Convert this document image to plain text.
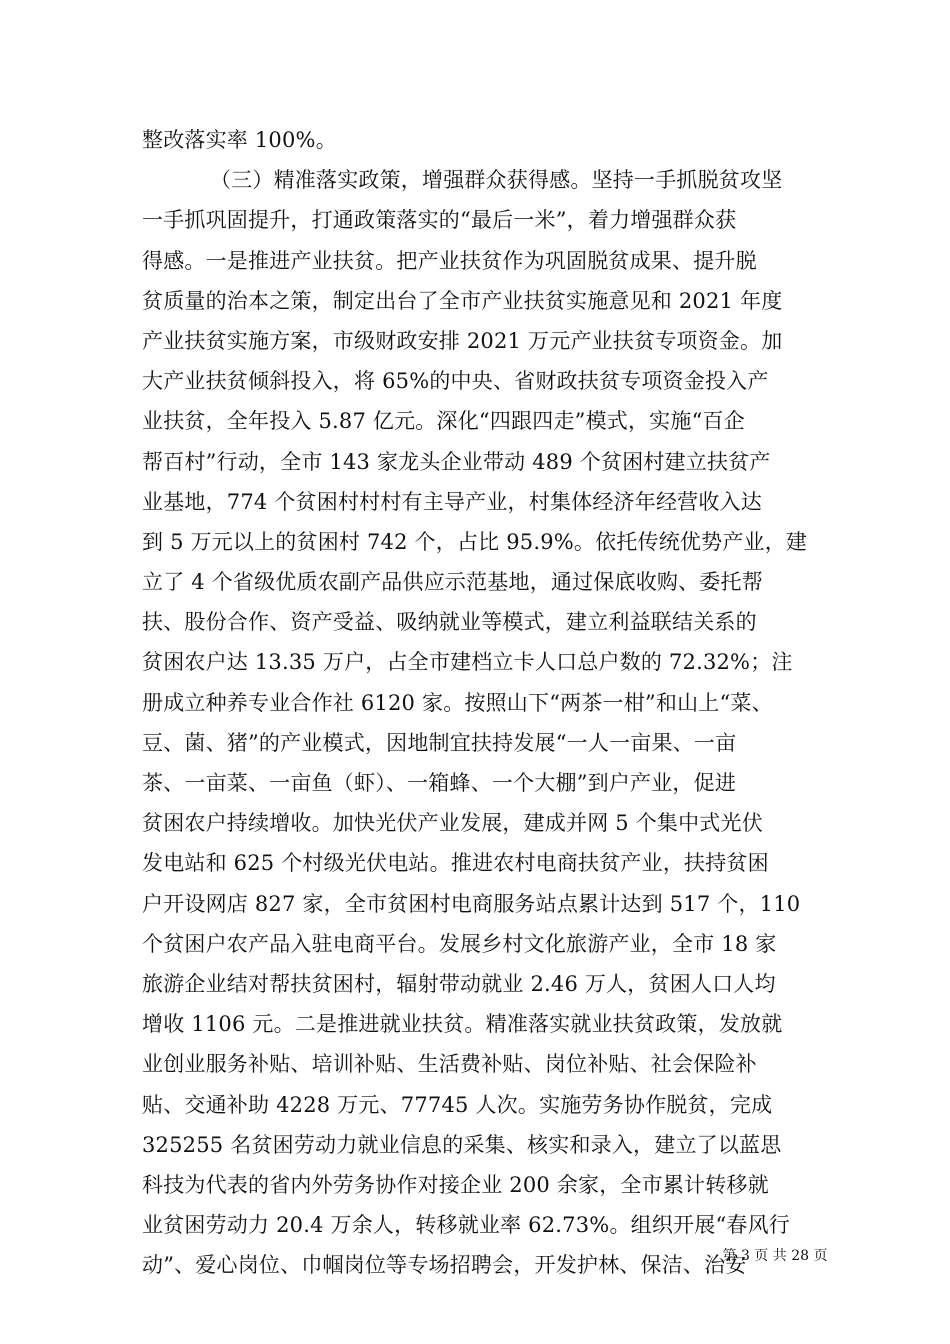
整改落实率 100%。
（三）精准落实政策，增强群众获得感。坚持一手抓脱贫攻坚
一手抓巩固提升，打通政策落实的“最后一米”，着力增强群众获
得感。一是推进产业扶贫。把产业扶贫作为巩固脱贫成果、提升脱
贫质量的治本之策，制定出台了全市产业扶贫实施意见和 2021 年度
产业扶贫实施方案，市级财政安排 2021 万元产业扶贫专项资金。加
大产业扶贫倾斜投入，将 65%的中央、省财政扶贫专项资金投入产
业扶贫，全年投入 5.87 亿元。深化“四跟四走”模式，实施“百企
帮百村”行动，全市 143 家龙头企业带动 489 个贫困村建立扶贫产
业基地，774 个贫困村村村有主导产业，村集体经济年经营收入达
到 5 万元以上的贫困村 742 个，占比 95.9%。依托传统优势产业，建
立了 4 个省级优质农副产品供应示范基地，通过保底收购、委托帮
扶、股份合作、资产受益、吸纳就业等模式，建立利益联结关系的
贫困农户达 13.35 万户，占全市建档立卡人口总户数的 72.32%；注
册成立种养专业合作社 6120 家。按照山下“两茶一柑”和山上“菜、
豆、菌、猪”的产业模式，因地制宜扶持发展“一人一亩果、一亩
茶、一亩菜、一亩鱼（虾）、一箱蜂、一个大棚”到户产业，促进
贫困农户持续增收。加快光伏产业发展，建成并网 5 个集中式光伏
发电站和 625 个村级光伏电站。推进农村电商扶贫产业，扶持贫困
户开设网店 827 家，全市贫困村电商服务站点累计达到 517 个，110
个贫困户农产品入驻电商平台。发展乡村文化旅游产业，全市 18 家
旅游企业结对帮扶贫困村，辐射带动就业 2.46 万人，贫困人口人均
增收 1106 元。二是推进就业扶贫。精准落实就业扶贫政策，发放就
业创业服务补贴、培训补贴、生活费补贴、岗位补贴、社会保险补
贴、交通补助 4228 万元、77745 人次。实施劳务协作脱贫，完成
325255 名贫困劳动力就业信息的采集、核实和录入，建立了以蓝思
科技为代表的省内外劳务协作对接企业 200 余家，全市累计转移就
业贫困劳动力 20.4 万余人，转移就业率 62.73%。组织开展“春风行
动”、爱心岗位、巾帼岗位等专场招聘会，开发护林、保洁、治安
第 3 页 共 28 页
